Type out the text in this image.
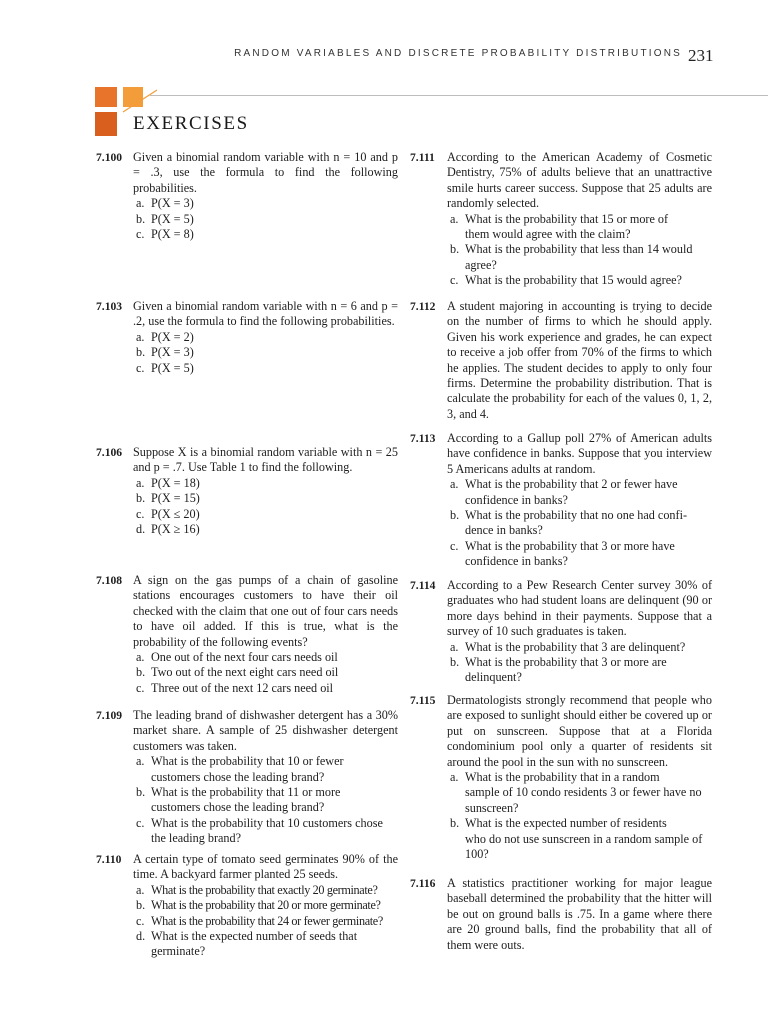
RANDOM VARIABLES AND DISCRETE PROBABILITY DISTRIBUTIONS 231
EXERCISES
7.100 Given a binomial random variable with n = 10 and p = .3, use the formula to find the following probabilities.
a. P(X = 3)
b. P(X = 5)
c. P(X = 8)
7.103 Given a binomial random variable with n = 6 and p = .2, use the formula to find the following probabilities.
a. P(X = 2)
b. P(X = 3)
c. P(X = 5)
7.106 Suppose X is a binomial random variable with n = 25 and p = .7. Use Table 1 to find the following.
a. P(X = 18)
b. P(X = 15)
c. P(X ≤ 20)
d. P(X ≥ 16)
7.108 A sign on the gas pumps of a chain of gasoline stations encourages customers to have their oil checked with the claim that one out of four cars needs to have oil added. If this is true, what is the probability of the following events?
a. One out of the next four cars needs oil
b. Two out of the next eight cars need oil
c. Three out of the next 12 cars need oil
7.109 The leading brand of dishwasher detergent has a 30% market share. A sample of 25 dishwasher detergent customers was taken.
a. What is the probability that 10 or fewer
customers chose the leading brand?
b. What is the probability that 11 or more
customers chose the leading brand?
c. What is the probability that 10 customers chose
the leading brand?
7.110 A certain type of tomato seed germinates 90% of the time. A backyard farmer planted 25 seeds.
a. What is the probability that exactly 20 germinate?
b. What is the probability that 20 or more germinate?
c. What is the probability that 24 or fewer germinate?
d. What is the expected number of seeds that
germinate?
7.111 According to the American Academy of Cosmetic Dentistry, 75% of adults believe that an unattractive smile hurts career success. Suppose that 25 adults are randomly selected.
a. What is the probability that 15 or more of
them would agree with the claim?
b. What is the probability that less than 14 would
agree?
c. What is the probability that 15 would agree?
7.112 A student majoring in accounting is trying to decide on the number of firms to which he should apply. Given his work experience and grades, he can expect to receive a job offer from 70% of the firms to which he applies. The student decides to apply to only four firms. Determine the probability distribution. That is calculate the probability for each of the values 0, 1, 2, 3, and 4.
7.113 According to a Gallup poll 27% of American adults have confidence in banks. Suppose that you interview 5 Americans adults at random.
a. What is the probability that 2 or fewer have
confidence in banks?
b. What is the probability that no one had confi-
dence in banks?
c. What is the probability that 3 or more have
confidence in banks?
7.114 According to a Pew Research Center survey 30% of graduates who had student loans are delinquent (90 or more days behind in their payments. Suppose that a survey of 10 such graduates is taken.
a. What is the probability that 3 are delinquent?
b. What is the probability that 3 or more are
delinquent?
7.115 Dermatologists strongly recommend that people who are exposed to sunlight should either be covered up or put on sunscreen. Suppose that at a Florida condominium pool only a quarter of residents sit around the pool in the sun with no sunscreen.
a. What is the probability that in a random
sample of 10 condo residents 3 or fewer have no sunscreen?
b. What is the expected number of residents
who do not use sunscreen in a random sample of 100?
7.116 A statistics practitioner working for major league baseball determined the probability that the hitter will be out on ground balls is .75. In a game where there are 20 ground balls, find the probability that all of them were outs.
